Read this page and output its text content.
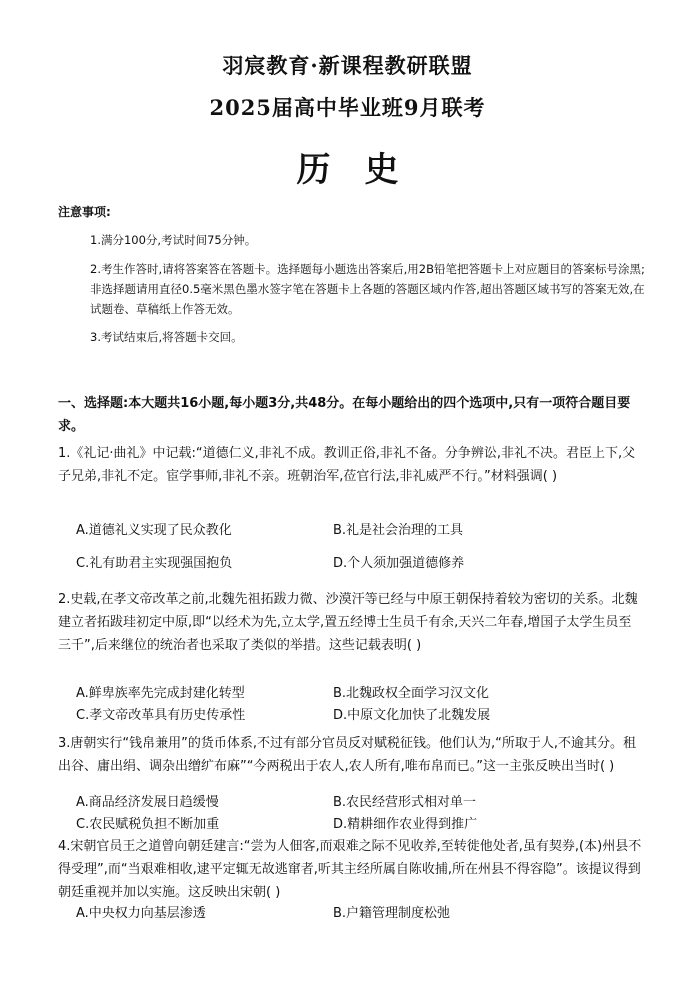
羽宸教育·新课程教研联盟
2025届高中毕业班9月联考
历史
注意事项:
1.满分100分,考试时间75分钟。
2.考生作答时,请将答案答在答题卡。选择题每小题选出答案后,用2B铅笔把答题卡上对应题目的答案标号涂黑;非选择题请用直径0.5毫米黑色墨水签字笔在答题卡上各题的答题区域内作答,超出答题区域书写的答案无效,在试题卷、草稿纸上作答无效。
3.考试结束后,将答题卡交回。
一、选择题:本大题共16小题,每小题3分,共48分。在每小题给出的四个选项中,只有一项符合题目要求。
1.《礼记·曲礼》中记载:“道德仁义,非礼不成。教训正俗,非礼不备。分争辨讼,非礼不决。君臣上下,父子兄弟,非礼不定。宦学事师,非礼不亲。班朝治军,莅官行法,非礼威严不行。”材料强调( )
A.道德礼义实现了民众教化	B.礼是社会治理的工具
C.礼有助君主实现强国抱负	D.个人须加强道德修养
2.史载,在孝文帝改革之前,北魏先祖拓跋力微、沙漠汗等已经与中原王朝保持着较为密切的关系。北魏建立者拓跋珪初定中原,即“以经术为先,立太学,置五经博士生员千有余,天兴二年春,增国子太学生员至三千”,后来继位的统治者也采取了类似的举措。这些记载表明( )
A.鲜卑族率先完成封建化转型	B.北魏政权全面学习汉文化
C.孝文帝改革具有历史传承性	D.中原文化加快了北魏发展
3.唐朝实行“钱帛兼用”的货币体系,不过有部分官员反对赋税征钱。他们认为,“所取于人,不逾其分。租出谷、庸出绢、调杂出缯纩布麻”“今两税出于农人,农人所有,唯布帛而已。”这一主张反映出当时( )
A.商品经济发展日趋缓慢	B.农民经营形式相对单一
C.农民赋税负担不断加重	D.精耕细作农业得到推广
4.宋朝官员王之道曾向朝廷建言:“尝为人佃客,而艰难之际不见收养,至转徙他处者,虽有契券,(本)州县不得受理”,而“当艰难相收,逮平定辄无故逃窜者,听其主经所属自陈收捕,所在州县不得容隐”。该提议得到朝廷重视并加以实施。这反映出宋朝( )
A.中央权力向基层渗透	B.户籍管理制度松弛
